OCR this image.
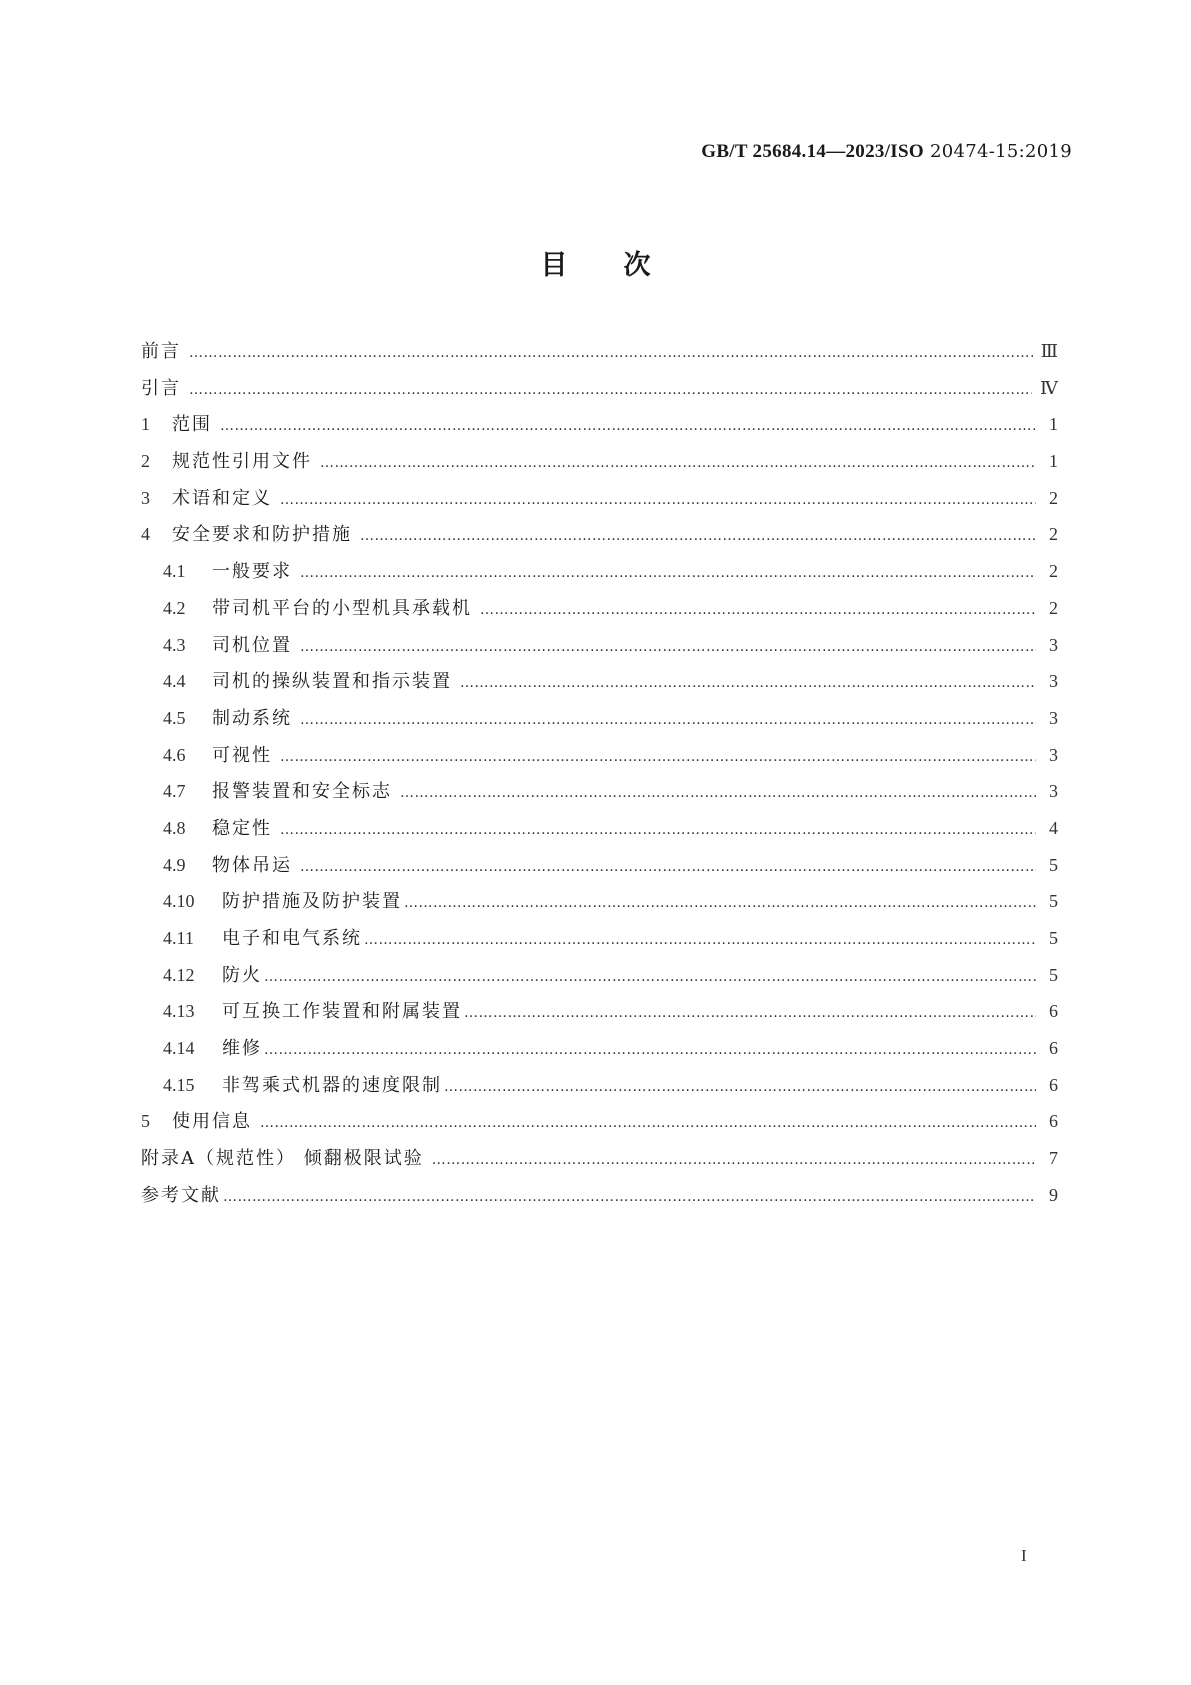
GB/T 25684.14—2023/ISO 20474-15:2019
目次
前言 ……………………………………………………………………………………………………………………………………………………………………………………………………………………	Ⅲ
引言 ……………………………………………………………………………………………………………………………………………………………………………………………………………………	Ⅳ
1	范围 ……………………………………………………………………………………………………………………………………………………………………………………………………………………	1
2	规范性引用文件 ……………………………………………………………………………………………………………………………………………………………………………………………………………………	1
3	术语和定义 ……………………………………………………………………………………………………………………………………………………………………………………………………………………	2
4	安全要求和防护措施 ……………………………………………………………………………………………………………………………………………………………………………………………………………………	2
4.1	一般要求 ……………………………………………………………………………………………………………………………………………………………………………………………………………………	2
4.2	带司机平台的小型机具承载机 ……………………………………………………………………………………………………………………………………………………………………………………………………………………	2
4.3	司机位置 ……………………………………………………………………………………………………………………………………………………………………………………………………………………	3
4.4	司机的操纵装置和指示装置 ……………………………………………………………………………………………………………………………………………………………………………………………………………………	3
4.5	制动系统 ……………………………………………………………………………………………………………………………………………………………………………………………………………………	3
4.6	可视性 ……………………………………………………………………………………………………………………………………………………………………………………………………………………	3
4.7	报警装置和安全标志 ……………………………………………………………………………………………………………………………………………………………………………………………………………………	3
4.8	稳定性 ……………………………………………………………………………………………………………………………………………………………………………………………………………………	4
4.9	物体吊运 ……………………………………………………………………………………………………………………………………………………………………………………………………………………	5
4.10	防护措施及防护装置 ……………………………………………………………………………………………………………………………………………………………………………………………………………………	5
4.11	电子和电气系统 ……………………………………………………………………………………………………………………………………………………………………………………………………………………	5
4.12	防火 ……………………………………………………………………………………………………………………………………………………………………………………………………………………	5
4.13	可互换工作装置和附属装置 ……………………………………………………………………………………………………………………………………………………………………………………………………………………	6
4.14	维修 ……………………………………………………………………………………………………………………………………………………………………………………………………………………	6
4.15	非驾乘式机器的速度限制 ……………………………………………………………………………………………………………………………………………………………………………………………………………………	6
5	使用信息 ……………………………………………………………………………………………………………………………………………………………………………………………………………………	6
附录A（规范性） 倾翻极限试验 ……………………………………………………………………………………………………………………………………………………………………………………………………………………	7
参考文献 ……………………………………………………………………………………………………………………………………………………………………………………………………………………	9
I
